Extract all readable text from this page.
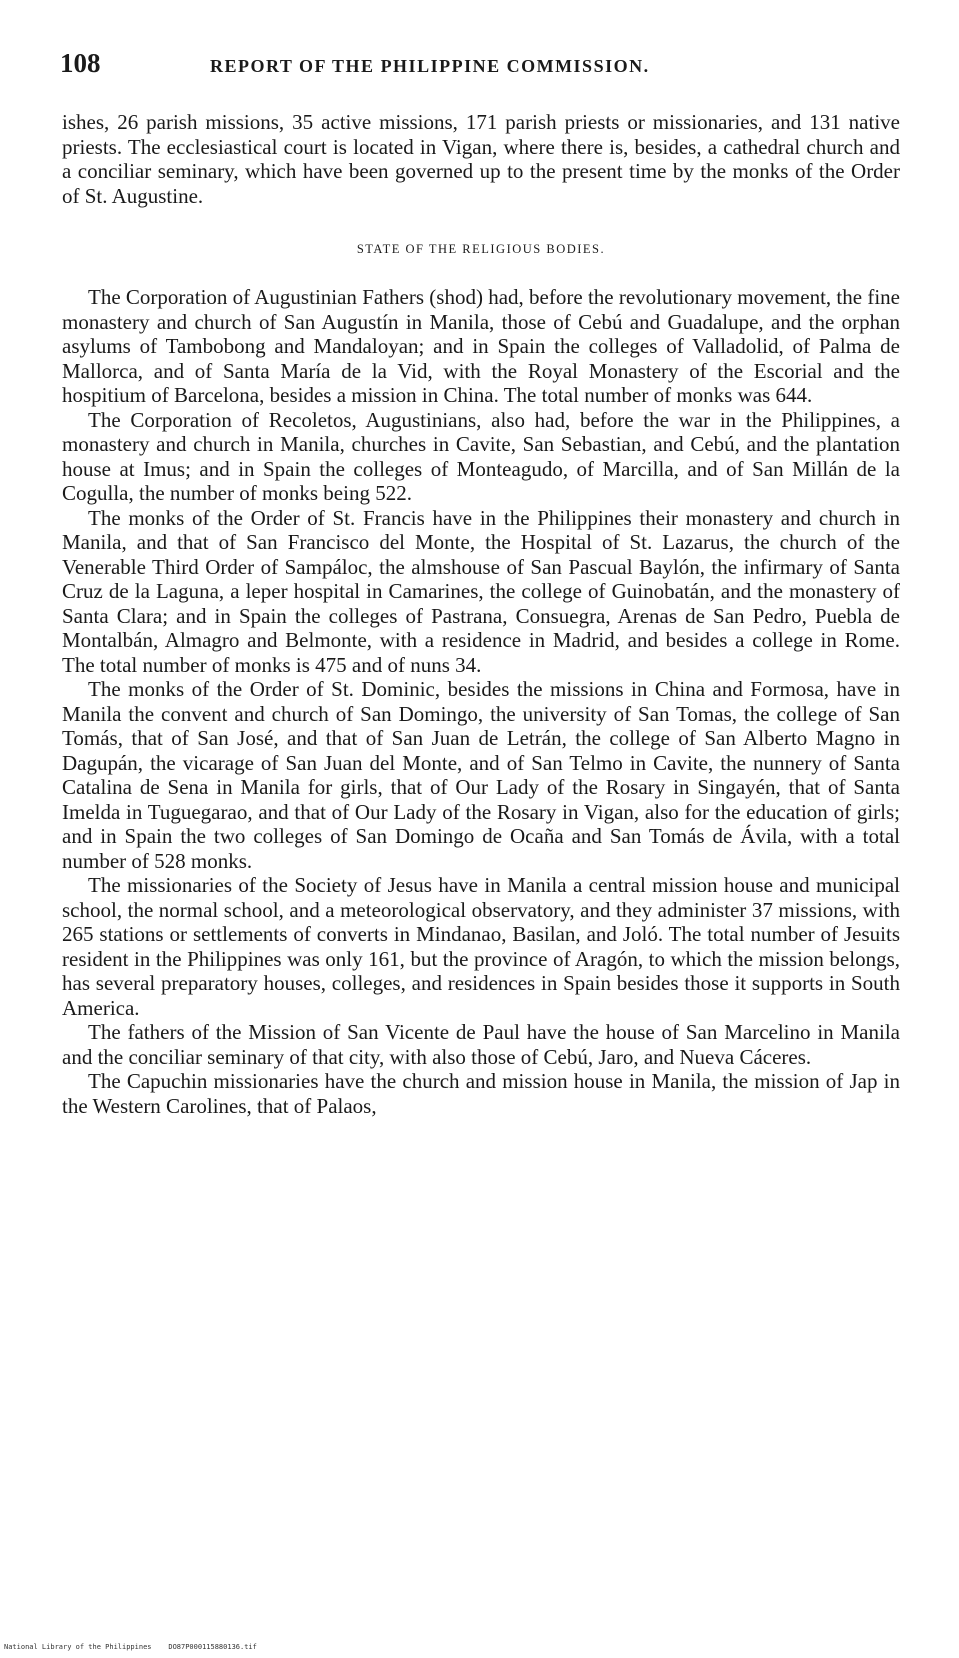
108	REPORT OF THE PHILIPPINE COMMISSION.

ishes, 26 parish missions, 35 active missions, 171 parish priests or missionaries, and 131 native priests. The ecclesiastical court is located in Vigan, where there is, besides, a cathedral church and a conciliar seminary, which have been governed up to the present time by the monks of the Order of St. Augustine.

STATE OF THE RELIGIOUS BODIES.

The Corporation of Augustinian Fathers (shod) had, before the revolutionary movement, the fine monastery and church of San Augustín in Manila, those of Cebú and Guadalupe, and the orphan asylums of Tambobong and Mandaloyan; and in Spain the colleges of Valladolid, of Palma de Mallorca, and of Santa María de la Vid, with the Royal Monastery of the Escorial and the hospitium of Barcelona, besides a mission in China. The total number of monks was 644.

The Corporation of Recoletos, Augustinians, also had, before the war in the Philippines, a monastery and church in Manila, churches in Cavite, San Sebastian, and Cebú, and the plantation house at Imus; and in Spain the colleges of Monteagudo, of Marcilla, and of San Millán de la Cogulla, the number of monks being 522.

The monks of the Order of St. Francis have in the Philippines their monastery and church in Manila, and that of San Francisco del Monte, the Hospital of St. Lazarus, the church of the Venerable Third Order of Sampáloc, the almshouse of San Pascual Baylón, the infirmary of Santa Cruz de la Laguna, a leper hospital in Camarines, the college of Guinobatán, and the monastery of Santa Clara; and in Spain the colleges of Pastrana, Consuegra, Arenas de San Pedro, Puebla de Montalbán, Almagro and Belmonte, with a residence in Madrid, and besides a college in Rome. The total number of monks is 475 and of nuns 34.

The monks of the Order of St. Dominic, besides the missions in China and Formosa, have in Manila the convent and church of San Domingo, the university of San Tomas, the college of San Tomás, that of San José, and that of San Juan de Letrán, the college of San Alberto Magno in Dagupán, the vicarage of San Juan del Monte, and of San Telmo in Cavite, the nunnery of Santa Catalina de Sena in Manila for girls, that of Our Lady of the Rosary in Singayén, that of Santa Imelda in Tuguegarao, and that of Our Lady of the Rosary in Vigan, also for the education of girls; and in Spain the two colleges of San Domingo de Ocaña and San Tomás de Ávila, with a total number of 528 monks.

The missionaries of the Society of Jesus have in Manila a central mission house and municipal school, the normal school, and a meteorological observatory, and they administer 37 missions, with 265 stations or settlements of converts in Mindanao, Basilan, and Joló. The total number of Jesuits resident in the Philippines was only 161, but the province of Aragón, to which the mission belongs, has several preparatory houses, colleges, and residences in Spain besides those it supports in South America.

The fathers of the Mission of San Vicente de Paul have the house of San Marcelino in Manila and the conciliar seminary of that city, with also those of Cebú, Jaro, and Nueva Cáceres.

The Capuchin missionaries have the church and mission house in Manila, the mission of Jap in the Western Carolines, that of Palaos,

National Library of the Philippines    DO87P000115880136.tif
